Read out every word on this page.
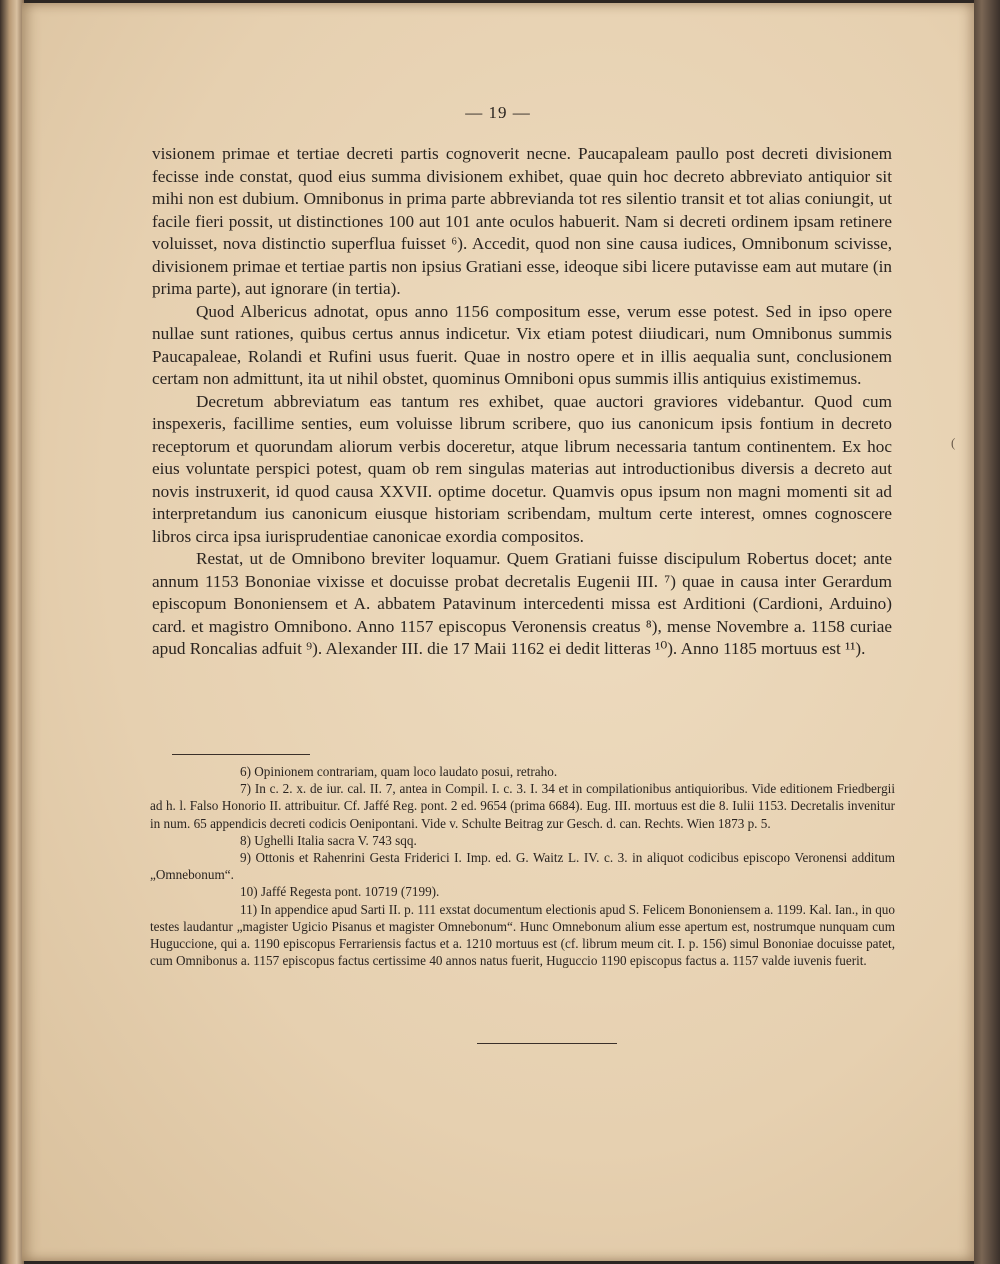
— 19 —

visionem primae et tertiae decreti partis cognoverit necne. Paucapaleam paullo post decreti divisionem fecisse inde constat, quod eius summa divisionem exhibet, quae quin hoc decreto abbreviato antiquior sit mihi non est dubium. Omnibonus in prima parte abbrevianda tot res silentio transit et tot alias coniungit, ut facile fieri possit, ut distinctiones 100 aut 101 ante oculos habuerit. Nam si decreti ordinem ipsam retinere voluisset, nova distinctio superflua fuisset ⁶). Accedit, quod non sine causa iudices, Omnibonum scivisse, divisionem primae et tertiae partis non ipsius Gratiani esse, ideoque sibi licere putavisse eam aut mutare (in prima parte), aut ignorare (in tertia).

Quod Albericus adnotat, opus anno 1156 compositum esse, verum esse potest. Sed in ipso opere nullae sunt rationes, quibus certus annus indicetur. Vix etiam potest diiudicari, num Omnibonus summis Paucapaleae, Rolandi et Rufini usus fuerit. Quae in nostro opere et in illis aequalia sunt, conclusionem certam non admittunt, ita ut nihil obstet, quominus Omniboni opus summis illis antiquius existimemus.

Decretum abbreviatum eas tantum res exhibet, quae auctori graviores videbantur. Quod cum inspexeris, facillime senties, eum voluisse librum scribere, quo ius canonicum ipsis fontium in decreto receptorum et quorundam aliorum verbis doceretur, atque librum necessaria tantum continentem. Ex hoc eius voluntate perspici potest, quam ob rem singulas materias aut introductionibus diversis a decreto aut novis instruxerit, id quod causa XXVII. optime docetur. Quamvis opus ipsum non magni momenti sit ad interpretandum ius canonicum eiusque historiam scribendam, multum certe interest, omnes cognoscere libros circa ipsa iurisprudentiae canonicae exordia compositos.

Restat, ut de Omnibono breviter loquamur. Quem Gratiani fuisse discipulum Robertus docet; ante annum 1153 Bononiae vixisse et docuisse probat decretalis Eugenii III. ⁷) quae in causa inter Gerardum episcopum Bononiensem et A. abbatem Patavinum intercedenti missa est Arditioni (Cardioni, Arduino) card. et magistro Omnibono. Anno 1157 episcopus Veronensis creatus ⁸), mense Novembre a. 1158 curiae apud Roncalias adfuit ⁹). Alexander III. die 17 Maii 1162 ei dedit litteras ¹⁰). Anno 1185 mortuus est ¹¹).

(

6) Opinionem contrariam, quam loco laudato posui, retraho.

7) In c. 2. x. de iur. cal. II. 7, antea in Compil. I. c. 3. I. 34 et in compilationibus antiquioribus. Vide editionem Friedbergii ad h. l. Falso Honorio II. attribuitur. Cf. Jaffé Reg. pont. 2 ed. 9654 (prima 6684). Eug. III. mortuus est die 8. Iulii 1153. Decretalis invenitur in num. 65 appendicis decreti codicis Oenipontani. Vide v. Schulte Beitrag zur Gesch. d. can. Rechts. Wien 1873 p. 5.

8) Ughelli Italia sacra V. 743 sqq.

9) Ottonis et Rahenrini Gesta Friderici I. Imp. ed. G. Waitz L. IV. c. 3. in aliquot codicibus episcopo Veronensi additum „Omnebonum“.

10) Jaffé Regesta pont. 10719 (7199).

11) In appendice apud Sarti II. p. 111 exstat documentum electionis apud S. Felicem Bononiensem a. 1199. Kal. Ian., in quo testes laudantur „magister Ugicio Pisanus et magister Omnebonum“. Hunc Omnebonum alium esse apertum est, nostrumque nunquam cum Huguccione, qui a. 1190 episcopus Ferrariensis factus et a. 1210 mortuus est (cf. librum meum cit. I. p. 156) simul Bononiae docuisse patet, cum Omnibonus a. 1157 episcopus factus certissime 40 annos natus fuerit, Huguccio 1190 episcopus factus a. 1157 valde iuvenis fuerit.
